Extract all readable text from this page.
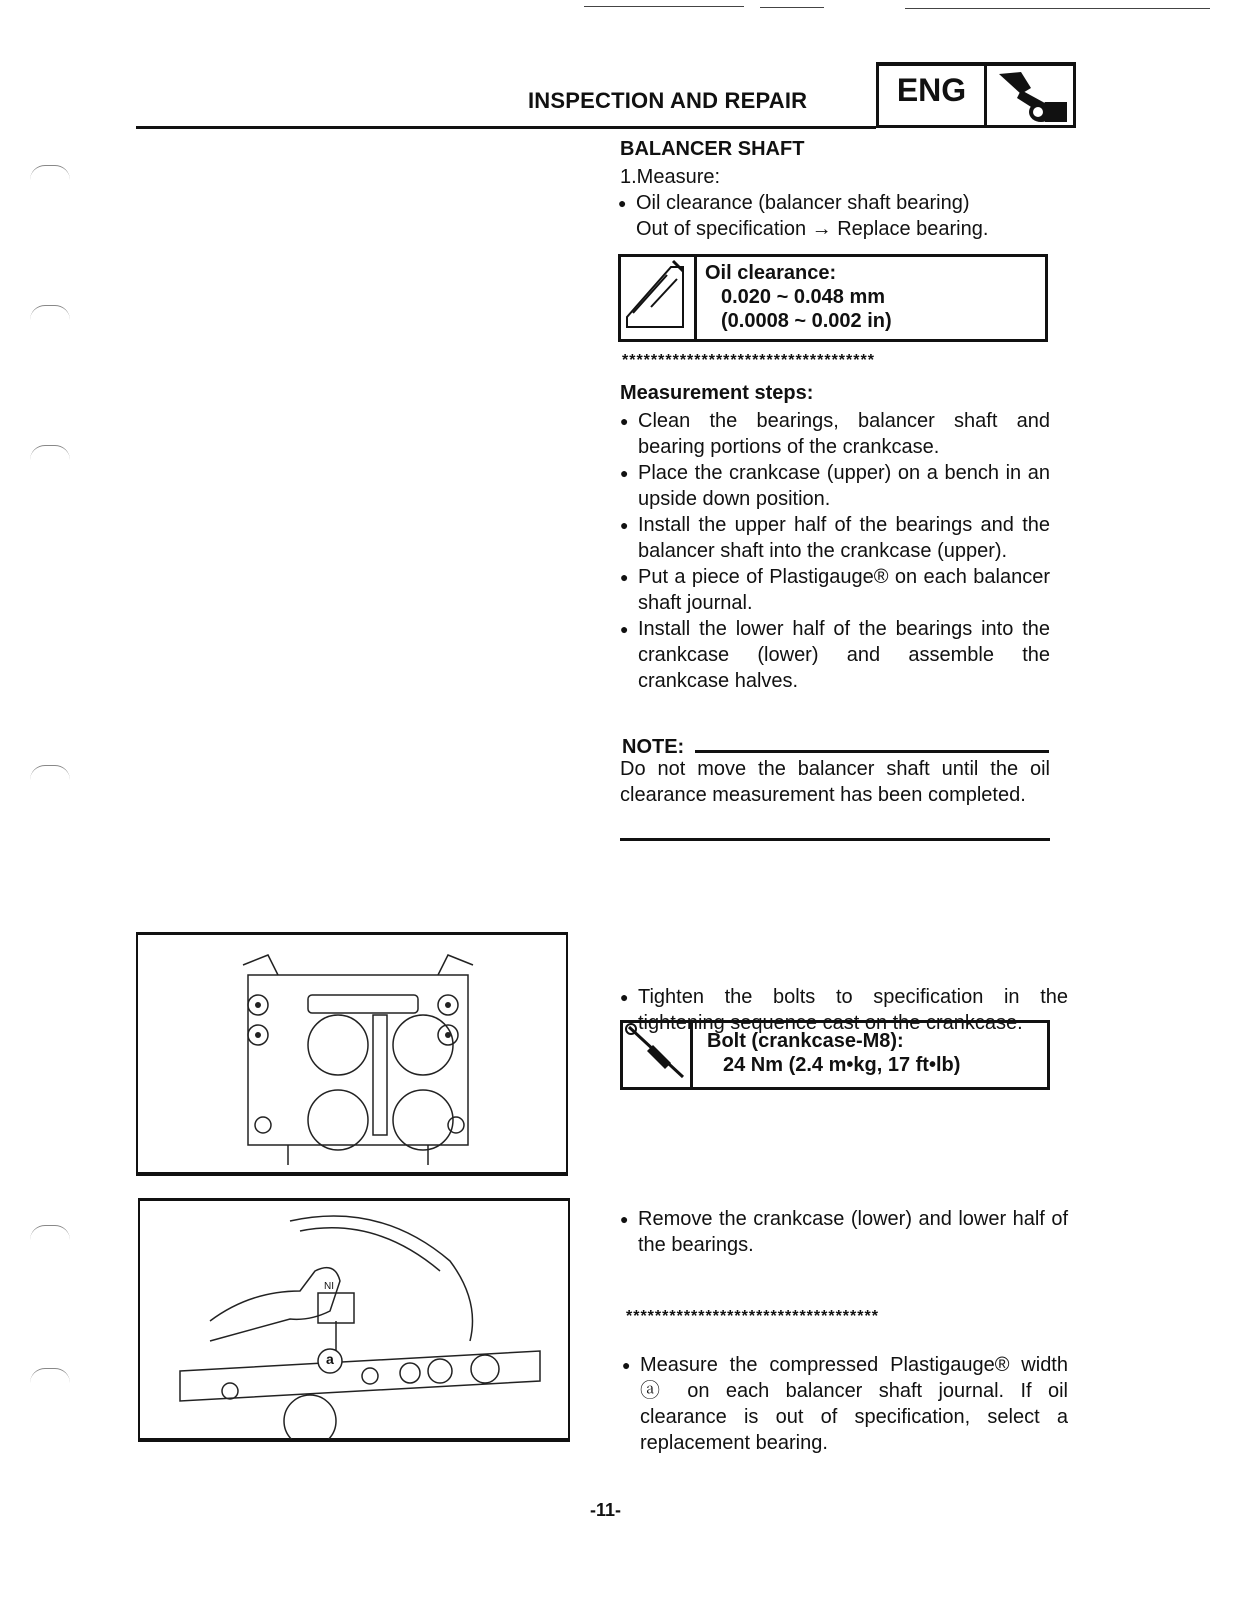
INSPECTION AND REPAIR	ENG
BALANCER SHAFT
1.Measure:
● Oil clearance (balancer shaft bearing)
Out of specification → Replace bearing.
Oil clearance:
0.020 ~ 0.048 mm
(0.0008 ~ 0.002 in)
***********************************
Measurement steps:
● Clean the bearings, balancer shaft and bearing portions of the crankcase.
● Place the crankcase (upper) on a bench in an upside down position.
● Install the upper half of the bearings and the balancer shaft into the crankcase (upper).
● Put a piece of Plastigauge® on each balancer shaft journal.
● Install the lower half of the bearings into the crankcase (lower) and assemble the crankcase halves.
NOTE:
Do not move the balancer shaft until the oil clearance measurement has been completed.
● Tighten the bolts to specification in the tightening sequence cast on the crankcase.
Bolt (crankcase-M8):
24 Nm (2.4 m•kg, 17 ft•lb)
● Remove the crankcase (lower) and lower half of the bearings.
● Measure the compressed Plastigauge® width ⓐ on each balancer shaft journal. If oil clearance is out of specification, select a replacement bearing.
***********************************
NI
a
-11-
